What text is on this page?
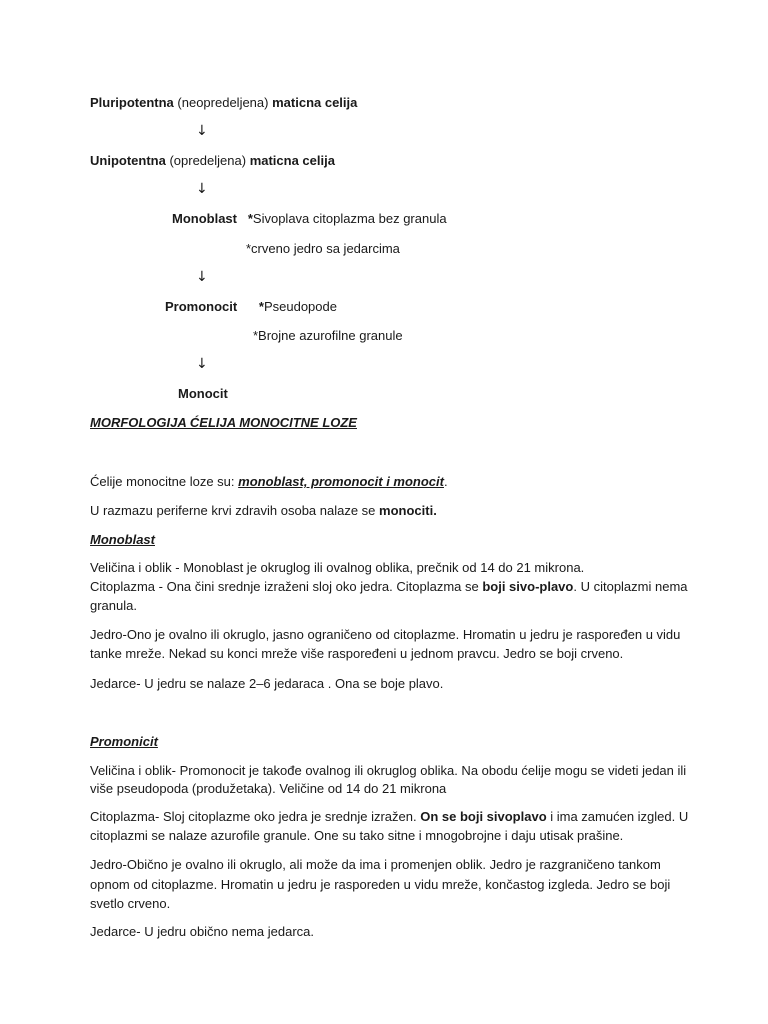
Pluripotentna (neopredeljena) maticna celija

↓

Unipotentna (opredeljena) maticna celija

↓

Monoblast *Sivoplava citoplazma bez granula

*crveno jedro sa jedarcima

↓

Promonocit *Pseudopode

*Brojne azurofilne granule

↓

Monocit

MORFOLOGIJA ĆELIJA MONOCITNE LOZE

Ćelije monocitne loze su: monoblast, promonocit i monocit.

U razmazu periferne krvi zdravih osoba nalaze se monociti.

Monoblast

Veličina i oblik - Monoblast je okruglog ili ovalnog oblika, prečnik od 14 do 21 mikrona.

Citoplazma - Ona čini srednje izraženi sloj oko jedra. Citoplazma se boji sivo-plavo. U citoplazmi nema

granula.

Jedro-Ono je ovalno ili okruglo, jasno ograničeno od citoplazme. Hromatin u jedru je raspoređen u vidu

tanke mreže. Nekad su konci mreže više raspoređeni u jednom pravcu. Jedro se boji crveno.

Jedarce- U jedru se nalaze 2–6 jedaraca . Ona se boje plavo.

Promonicit

Veličina i oblik- Promonocit je takođe ovalnog ili okruglog oblika. Na obodu ćelije mogu se videti jedan ili

više pseudopoda (produžetaka). Veličine od 14 do 21 mikrona

Citoplazma- Sloj citoplazme oko jedra je srednje izražen. On se boji sivoplavo i ima zamućen izgled. U

citoplazmi se nalaze azurofile granule. One su tako sitne i mnogobrojne i daju utisak prašine.

Jedro-Obično je ovalno ili okruglo, ali može da ima i promenjen oblik. Jedro je razgraničeno tankom

opnom od citoplazme. Hromatin u jedru je rasporeden u vidu mreže, končastog izgleda. Jedro se boji

svetlo crveno.

Jedarce- U jedru obično nema jedarca.
